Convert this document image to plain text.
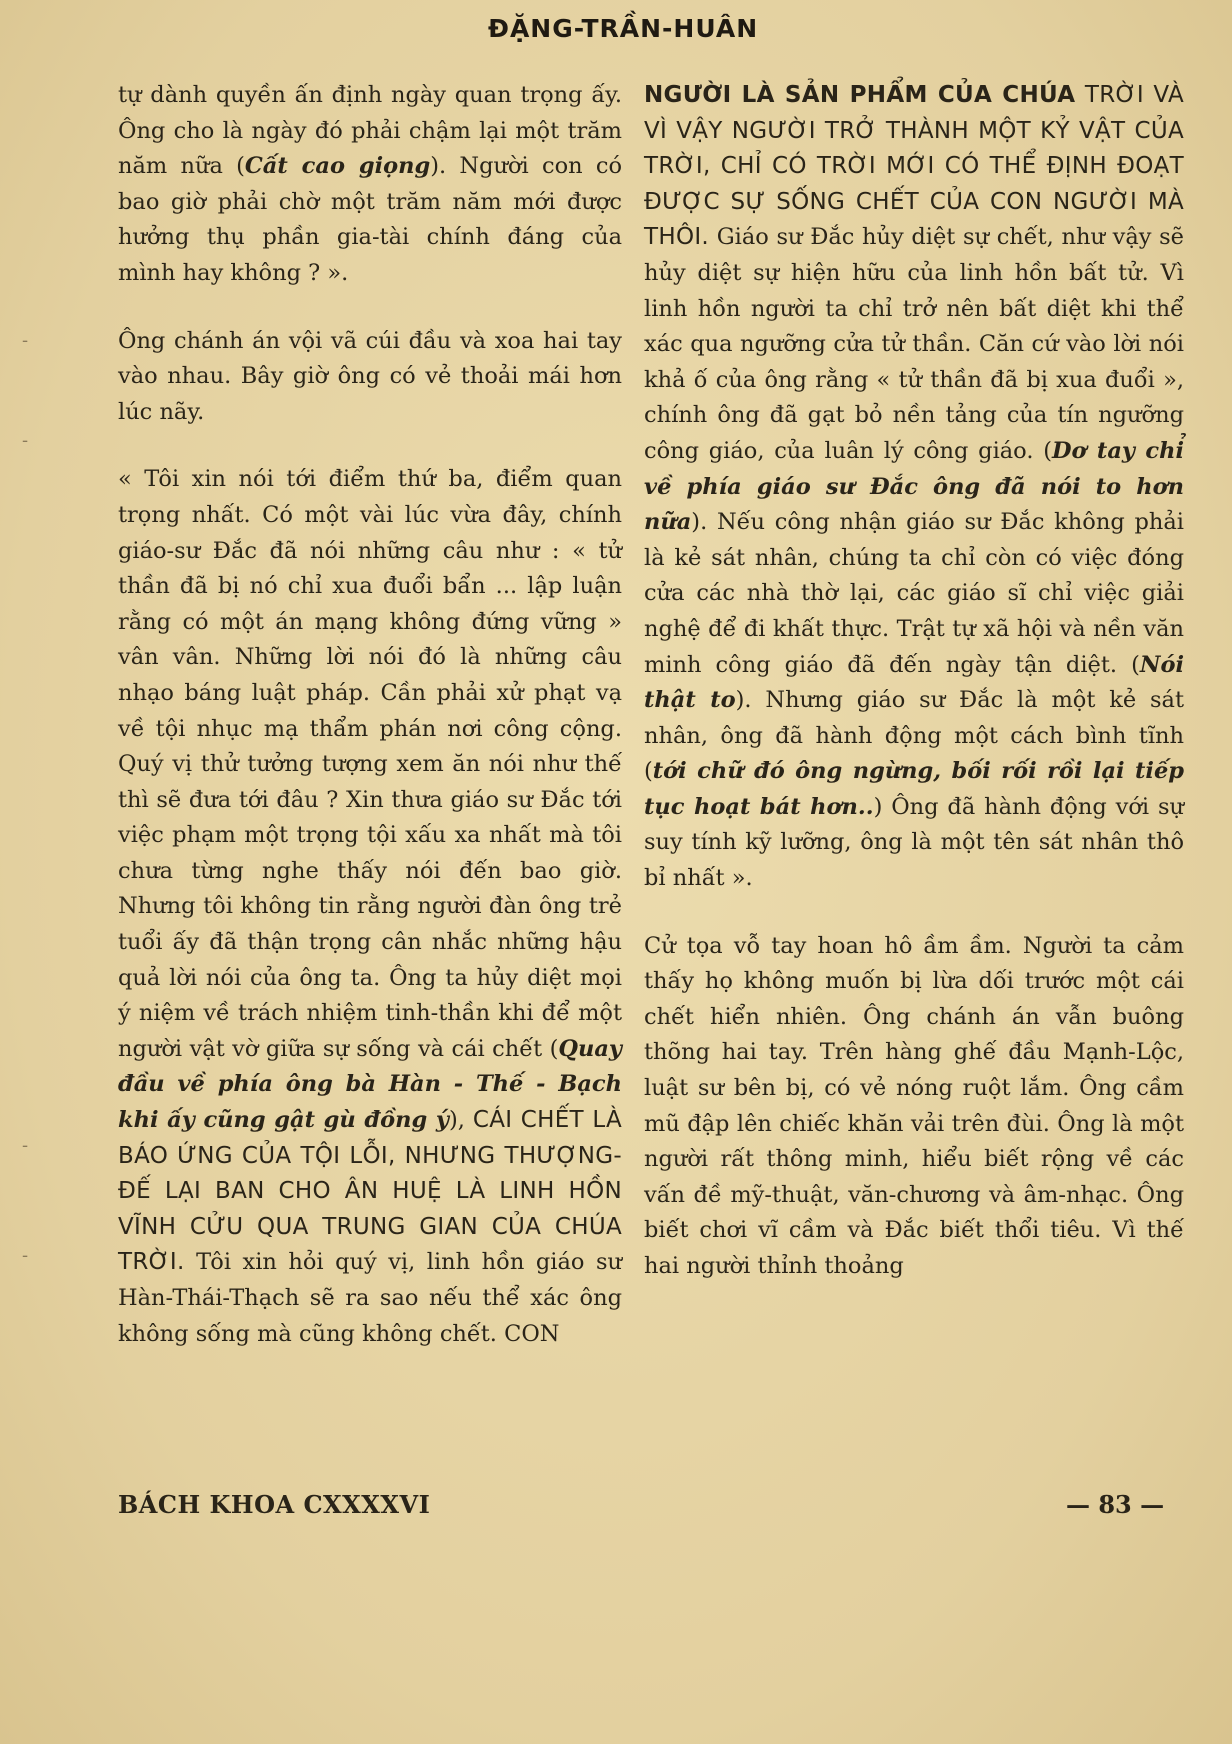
ĐẶNG-TRẦN-HUÂN

tự dành quyền ấn định ngày quan trọng ấy. Ông cho là ngày đó phải chậm lại một trăm năm nữa (Cất cao giọng). Người con có bao giờ phải chờ một trăm năm mới được hưởng thụ phần gia-tài chính đáng của mình hay không ? ».

Ông chánh án vội vã cúi đầu và xoa hai tay vào nhau. Bây giờ ông có vẻ thoải mái hơn lúc nãy.

« Tôi xin nói tới điểm thứ ba, điểm quan trọng nhất. Có một vài lúc vừa đây, chính giáo-sư Đắc đã nói những câu như : « tử thần đã bị nó chỉ xua đuổi bẩn ... lập luận rằng có một án mạng không đứng vững » vân vân. Những lời nói đó là những câu nhạo báng luật pháp. Cần phải xử phạt vạ về tội nhục mạ thẩm phán nơi công cộng. Quý vị thử tưởng tượng xem ăn nói như thế thì sẽ đưa tới đâu ? Xin thưa giáo sư Đắc tới việc phạm một trọng tội xấu xa nhất mà tôi chưa từng nghe thấy nói đến bao giờ. Nhưng tôi không tin rằng người đàn ông trẻ tuổi ấy đã thận trọng cân nhắc những hậu quả lời nói của ông ta. Ông ta hủy diệt mọi ý niệm về trách nhiệm tinh-thần khi để một người vật vờ giữa sự sống và cái chết (Quay đầu về phía ông bà Hàn - Thế - Bạch khi ấy cũng gật gù đồng ý), CÁI CHẾT LÀ BÁO ỨNG CỦA TỘI LỖI, NHƯNG THƯỢNG-ĐẾ LẠI BAN CHO ÂN HUỆ LÀ LINH HỒN VĨNH CỬU QUA TRUNG GIAN CỦA CHÚA TRỜI. Tôi xin hỏi quý vị, linh hồn giáo sư Hàn-Thái-Thạch sẽ ra sao nếu thể xác ông không sống mà cũng không chết. CON

NGƯỜI LÀ SẢN PHẨM CỦA CHÚA TRỜI VÀ VÌ VẬY NGƯỜI TRỞ THÀNH MỘT KỶ VẬT CỦA TRỜI, CHỈ CÓ TRỜI MỚI CÓ THỂ ĐỊNH ĐOẠT ĐƯỢC SỰ SỐNG CHẾT CỦA CON NGƯỜI MÀ THÔI. Giáo sư Đắc hủy diệt sự chết, như vậy sẽ hủy diệt sự hiện hữu của linh hồn bất tử. Vì linh hồn người ta chỉ trở nên bất diệt khi thể xác qua ngưỡng cửa tử thần. Căn cứ vào lời nói khả ố của ông rằng « tử thần đã bị xua đuổi », chính ông đã gạt bỏ nền tảng của tín ngưỡng công giáo, của luân lý công giáo. (Dơ tay chỉ về phía giáo sư Đắc ông đã nói to hơn nữa). Nếu công nhận giáo sư Đắc không phải là kẻ sát nhân, chúng ta chỉ còn có việc đóng cửa các nhà thờ lại, các giáo sĩ chỉ việc giải nghệ để đi khất thực. Trật tự xã hội và nền văn minh công giáo đã đến ngày tận diệt. (Nói thật to). Nhưng giáo sư Đắc là một kẻ sát nhân, ông đã hành động một cách bình tĩnh (tới chữ đó ông ngừng, bối rối rồi lại tiếp tục hoạt bát hơn..) Ông đã hành động với sự suy tính kỹ lưỡng, ông là một tên sát nhân thô bỉ nhất ».

Cử tọa vỗ tay hoan hô ầm ầm. Người ta cảm thấy họ không muốn bị lừa dối trước một cái chết hiển nhiên. Ông chánh án vẫn buông thõng hai tay. Trên hàng ghế đầu Mạnh-Lộc, luật sư bên bị, có vẻ nóng ruột lắm. Ông cầm mũ đập lên chiếc khăn vải trên đùi. Ông là một người rất thông minh, hiểu biết rộng về các vấn đề mỹ-thuật, văn-chương và âm-nhạc. Ông biết chơi vĩ cầm và Đắc biết thổi tiêu. Vì thế hai người thỉnh thoảng

BÁCH KHOA CXXXXVI	— 83 —
-
-
-
-
